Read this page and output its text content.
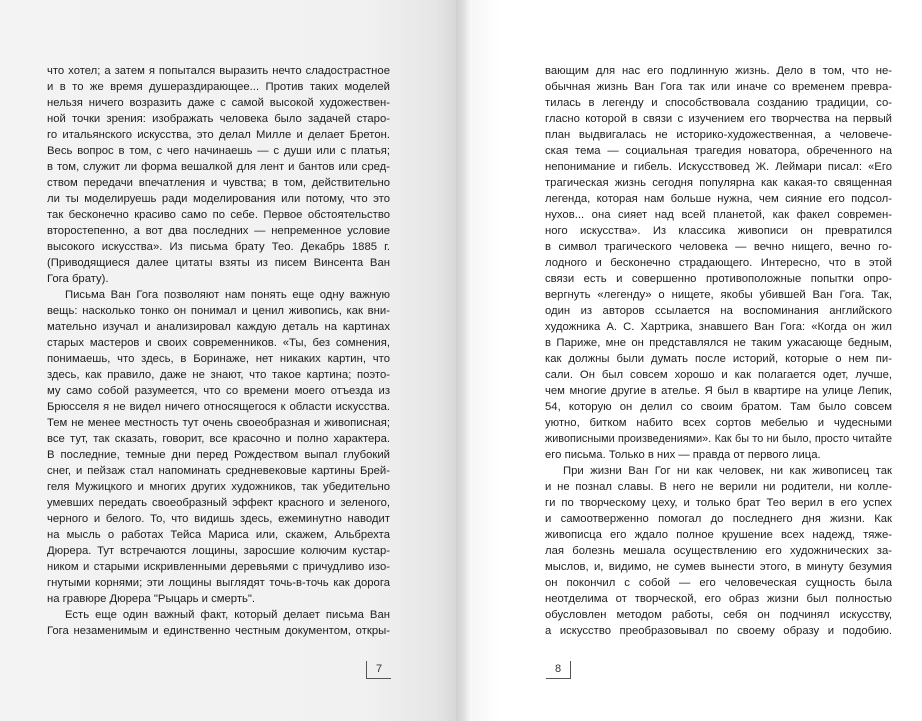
что хотел; а затем я попытался выразить нечто сладострастное
и в то же время душераздирающее... Против таких моделей
нельзя ничего возразить даже с самой высокой художествен-
ной точки зрения: изображать человека было задачей старо-
го итальянского искусства, это делал Милле и делает Бретон.
Весь вопрос в том, с чего начинаешь — с души или с платья;
в том, служит ли форма вешалкой для лент и бантов или сред-
ством передачи впечатления и чувства; в том, действительно
ли ты моделируешь ради моделирования или потому, что это
так бесконечно красиво само по себе. Первое обстоятельство
второстепенно, а вот два последних — непременное условие
высокого искусства». Из письма брату Тео. Декабрь 1885 г.
(Приводящиеся далее цитаты взяты из писем Винсента Ван
Гога брату).
Письма Ван Гога позволяют нам понять еще одну важную
вещь: насколько тонко он понимал и ценил живопись, как вни-
мательно изучал и анализировал каждую деталь на картинах
старых мастеров и своих современников. «Ты, без сомнения,
понимаешь, что здесь, в Боринаже, нет никаких картин, что
здесь, как правило, даже не знают, что такое картина; поэто-
му само собой разумеется, что со времени моего отъезда из
Брюсселя я не видел ничего относящегося к области искусства.
Тем не менее местность тут очень своеобразная и живописная;
все тут, так сказать, говорит, все красочно и полно характера.
В последние, темные дни перед Рождеством выпал глубокий
снег, и пейзаж стал напоминать средневековые картины Брей-
геля Мужицкого и многих других художников, так убедительно
умевших передать своеобразный эффект красного и зеленого,
черного и белого. То, что видишь здесь, ежеминутно наводит
на мысль о работах Тейса Мариса или, скажем, Альбрехта
Дюрера. Тут встречаются лощины, заросшие колючим кустар-
ником и старыми искривленными деревьями с причудливо изо-
гнутыми корнями; эти лощины выглядят точь-в-точь как дорога
на гравюре Дюрера "Рыцарь и смерть".
Есть еще один важный факт, который делает письма Ван
Гога незаменимым и единственно честным документом, откры-
7
вающим для нас его подлинную жизнь. Дело в том, что не-
обычная жизнь Ван Гога так или иначе со временем превра-
тилась в легенду и способствовала созданию традиции, со-
гласно которой в связи с изучением его творчества на первый
план выдвигалась не историко-художественная, а человече-
ская тема — социальная трагедия новатора, обреченного на
непонимание и гибель. Искусствовед Ж. Леймари писал: «Его
трагическая жизнь сегодня популярна как какая-то священная
легенда, которая нам больше нужна, чем сияние его подсол-
нухов... она сияет над всей планетой, как факел современ-
ного искусства». Из классика живописи он превратился
в символ трагического человека — вечно нищего, вечно го-
лодного и бесконечно страдающего. Интересно, что в этой
связи есть и совершенно противоположные попытки опро-
вергнуть «легенду» о нищете, якобы убившей Ван Гога. Так,
один из авторов ссылается на воспоминания английского
художника А. С. Хартрика, знавшего Ван Гога: «Когда он жил
в Париже, мне он представлялся не таким ужасающе бедным,
как должны были думать после историй, которые о нем пи-
сали. Он был совсем хорошо и как полагается одет, лучше,
чем многие другие в ателье. Я был в квартире на улице Лепик,
54, которую он делил со своим братом. Там было совсем
уютно, битком набито всех сортов мебелью и чудесными
живописными произведениями». Как бы то ни было, просто читайте
его письма. Только в них — правда от первого лица.
При жизни Ван Гог ни как человек, ни как живописец так
и не познал славы. В него не верили ни родители, ни колле-
ги по творческому цеху, и только брат Тео верил в его успех
и самоотверженно помогал до последнего дня жизни. Как
живописца его ждало полное крушение всех надежд, тяже-
лая болезнь мешала осуществлению его художнических за-
мыслов, и, видимо, не сумев вынести этого, в минуту безумия
он покончил с собой — его человеческая сущность была
неотделима от творческой, его образ жизни был полностью
обусловлен методом работы, себя он подчинял искусству,
а искусство преобразовывал по своему образу и подобию.
8
